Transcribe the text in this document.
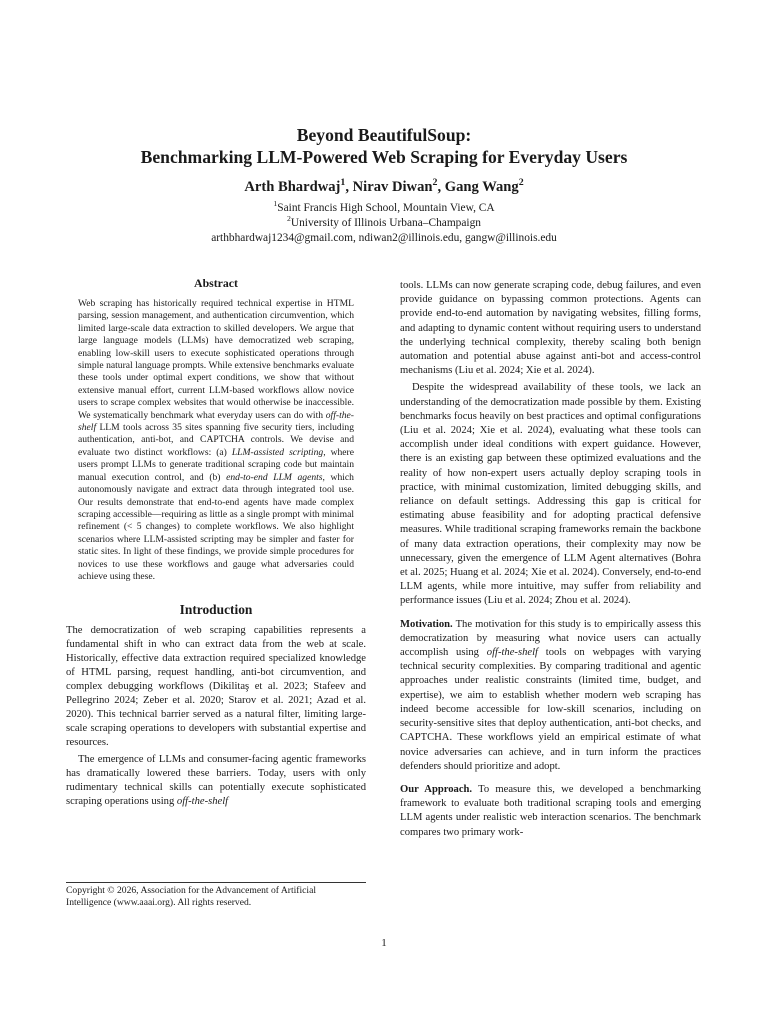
Beyond BeautifulSoup:
Benchmarking LLM-Powered Web Scraping for Everyday Users
Arth Bhardwaj$^1$, Nirav Diwan$^2$, Gang Wang$^2$
$^1$Saint Francis High School, Mountain View, CA
$^2$University of Illinois Urbana–Champaign
arthbhardwaj1234@gmail.com, ndiwan2@illinois.edu, gangw@illinois.edu
Abstract
Web scraping has historically required technical expertise in HTML parsing, session management, and authentication circumvention, which limited large-scale data extraction to skilled developers. We argue that large language models (LLMs) have democratized web scraping, enabling low-skill users to execute sophisticated operations through simple natural language prompts. While extensive benchmarks evaluate these tools under optimal expert conditions, we show that without extensive manual effort, current LLM-based workflows allow novice users to scrape complex websites that would otherwise be inaccessible. We systematically benchmark what everyday users can do with off-the-shelf LLM tools across 35 sites spanning five security tiers, including authentication, anti-bot, and CAPTCHA controls. We devise and evaluate two distinct workflows: (a) LLM-assisted scripting, where users prompt LLMs to generate traditional scraping code but maintain manual execution control, and (b) end-to-end LLM agents, which autonomously navigate and extract data through integrated tool use. Our results demonstrate that end-to-end agents have made complex scraping accessible—requiring as little as a single prompt with minimal refinement (< 5 changes) to complete workflows. We also highlight scenarios where LLM-assisted scripting may be simpler and faster for static sites. In light of these findings, we provide simple procedures for novices to use these workflows and gauge what adversaries could achieve using these.
Introduction

The democratization of web scraping capabilities represents a fundamental shift in who can extract data from the web at scale. Historically, effective data extraction required specialized knowledge of HTML parsing, request handling, anti-bot circumvention, and complex debugging workflows (Dikilitaş et al. 2023; Stafeev and Pellegrino 2024; Zeber et al. 2020; Starov et al. 2021; Azad et al. 2020). This technical barrier served as a natural filter, limiting large-scale scraping operations to developers with substantial expertise and resources.

The emergence of LLMs and consumer-facing agentic frameworks has dramatically lowered these barriers. Today, users with only rudimentary technical skills can potentially execute sophisticated scraping operations using off-the-shelf

Copyright © 2026, Association for the Advancement of Artificial
Intelligence (www.aaai.org). All rights reserved.

tools. LLMs can now generate scraping code, debug failures, and even provide guidance on bypassing common protections. Agents can provide end-to-end automation by navigating websites, filling forms, and adapting to dynamic content without requiring users to understand the underlying technical complexity, thereby scaling both benign automation and potential abuse against anti-bot and access-control mechanisms (Liu et al. 2024; Xie et al. 2024).

Despite the widespread availability of these tools, we lack an understanding of the democratization made possible by them. Existing benchmarks focus heavily on best practices and optimal configurations (Liu et al. 2024; Xie et al. 2024), evaluating what these tools can accomplish under ideal conditions with expert guidance. However, there is an existing gap between these optimized evaluations and the reality of how non-expert users actually deploy scraping tools in practice, with minimal customization, limited debugging skills, and reliance on default settings. Addressing this gap is critical for estimating abuse feasibility and for adopting practical defensive measures. While traditional scraping frameworks remain the backbone of many data extraction operations, their complexity may now be unnecessary, given the emergence of LLM Agent alternatives (Bohra et al. 2025; Huang et al. 2024; Xie et al. 2024). Conversely, end-to-end LLM agents, while more intuitive, may suffer from reliability and performance issues (Liu et al. 2024; Zhou et al. 2024).

Motivation. The motivation for this study is to empirically assess this democratization by measuring what novice users can actually accomplish using off-the-shelf tools on webpages with varying technical security complexities. By comparing traditional and agentic approaches under realistic constraints (limited time, budget, and expertise), we aim to establish whether modern web scraping has indeed become accessible for low-skill scenarios, including on security-sensitive sites that deploy authentication, anti-bot checks, and CAPTCHA. These workflows yield an empirical estimate of what novice adversaries can achieve, and in turn inform the practices defenders should prioritize and adopt.

Our Approach. To measure this, we developed a benchmarking framework to evaluate both traditional scraping tools and emerging LLM agents under realistic web interaction scenarios. The benchmark compares two primary work-

1
